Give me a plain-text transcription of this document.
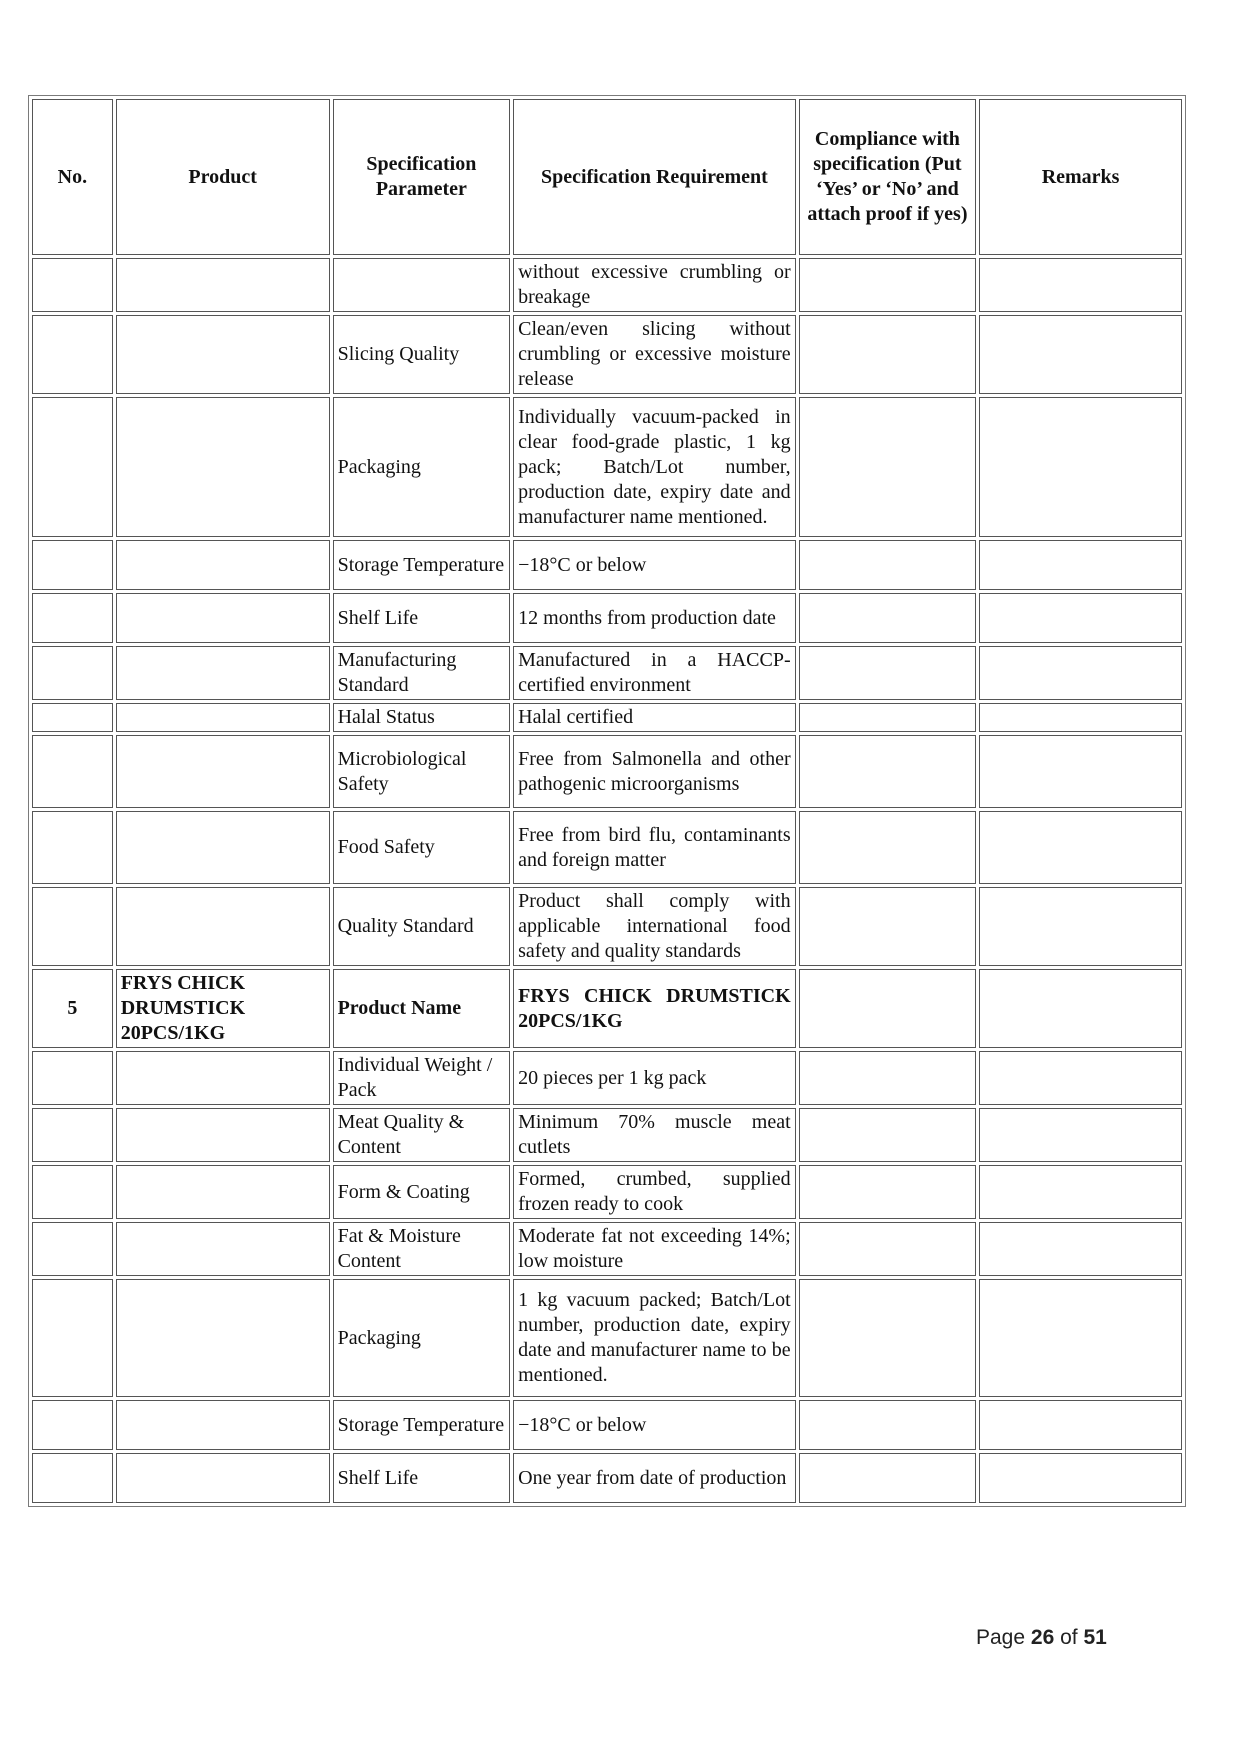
No.	Product	Specification Parameter	Specification Requirement	Compliance with specification (Put ‘Yes’ or ‘No’ and attach proof if yes)	Remarks
			without excessive crumbling or breakage		
		Slicing Quality	Clean/even slicing without crumbling or excessive moisture release		
		Packaging	Individually vacuum-packed in clear food-grade plastic, 1 kg pack; Batch/Lot number, production date, expiry date and manufacturer name mentioned.		
		Storage Temperature	−18°C or below		
		Shelf Life	12 months from production date		
		Manufacturing Standard	Manufactured in a HACCP-certified environment		
		Halal Status	Halal certified		
		Microbiological Safety	Free from Salmonella and other pathogenic microorganisms		
		Food Safety	Free from bird flu, contaminants and foreign matter		
		Quality Standard	Product shall comply with applicable international food safety and quality standards		
5	FRYS CHICK DRUMSTICK 20PCS/1KG	Product Name	FRYS CHICK DRUMSTICK 20PCS/1KG		
		Individual Weight / Pack	20 pieces per 1 kg pack		
		Meat Quality & Content	Minimum 70% muscle meat cutlets		
		Form & Coating	Formed, crumbed, supplied frozen ready to cook		
		Fat & Moisture Content	Moderate fat not exceeding 14%; low moisture		
		Packaging	1 kg vacuum packed; Batch/Lot number, production date, expiry date and manufacturer name to be mentioned.		
		Storage Temperature	−18°C or below		
		Shelf Life	One year from date of production		
Page 26 of 51
